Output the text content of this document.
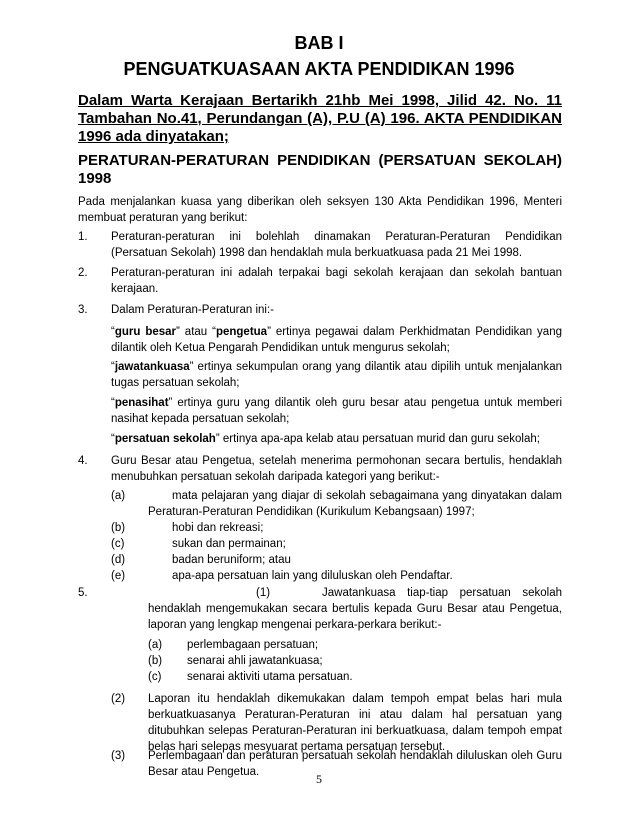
BAB I
PENGUATKUASAAN AKTA PENDIDIKAN 1996
Dalam Warta Kerajaan Bertarikh 21hb Mei 1998, Jilid 42. No. 11
Tambahan No.41, Perundangan (A), P.U (A) 196. AKTA PENDIDIKAN
1996 ada dinyatakan;
PERATURAN-PERATURAN PENDIDIKAN (PERSATUAN SEKOLAH)
1998
Pada menjalankan kuasa yang diberikan oleh seksyen 130 Akta Pendidikan 1996, Menteri membuat peraturan yang berikut:
1. Peraturan-peraturan ini bolehlah dinamakan Peraturan-Peraturan Pendidikan (Persatuan Sekolah) 1998 dan hendaklah mula berkuatkuasa pada 21 Mei 1998.
2. Peraturan-peraturan ini adalah terpakai bagi sekolah kerajaan dan sekolah bantuan kerajaan.
3. Dalam Peraturan-Peraturan ini:-
“guru besar” atau “pengetua” ertinya pegawai dalam Perkhidmatan Pendidikan yang dilantik oleh Ketua Pengarah Pendidikan untuk mengurus sekolah;
“jawatankuasa” ertinya sekumpulan orang yang dilantik atau dipilih untuk menjalankan tugas persatuan sekolah;
“penasihat” ertinya guru yang dilantik oleh guru besar atau pengetua untuk memberi nasihat kepada persatuan sekolah;
“persatuan sekolah” ertinya apa-apa kelab atau persatuan murid dan guru sekolah;
4. Guru Besar atau Pengetua, setelah menerima permohonan secara bertulis, hendaklah menubuhkan persatuan sekolah daripada kategori yang berikut:-
(a)	mata pelajaran yang diajar di sekolah sebagaimana yang dinyatakan dalam
Peraturan-Peraturan Pendidikan (Kurikulum Kebangsaan) 1997;
(b)	hobi dan rekreasi;
(c)	sukan dan permainan;
(d)	badan beruniform; atau
(e)	apa-apa persatuan lain yang diluluskan oleh Pendaftar.
5.	(1)	Jawatankuasa tiap-tiap persatuan sekolah
hendaklah mengemukakan secara bertulis kepada Guru Besar atau Pengetua, laporan yang lengkap mengenai perkara-perkara berikut:-
(a) perlembagaan persatuan;
(b) senarai ahli jawatankuasa;
(c) senarai aktiviti utama persatuan.
(2) Laporan itu hendaklah dikemukakan dalam tempoh empat belas hari mula berkuatkuasanya Peraturan-Peraturan ini atau dalam hal persatuan yang ditubuhkan selepas Peraturan-Peraturan ini berkuatkuasa, dalam tempoh empat belas hari selepas mesyuarat pertama persatuan tersebut.
(3) Perlembagaan dan peraturan persatuan sekolah hendaklah diluluskan oleh Guru Besar atau Pengetua.	5
